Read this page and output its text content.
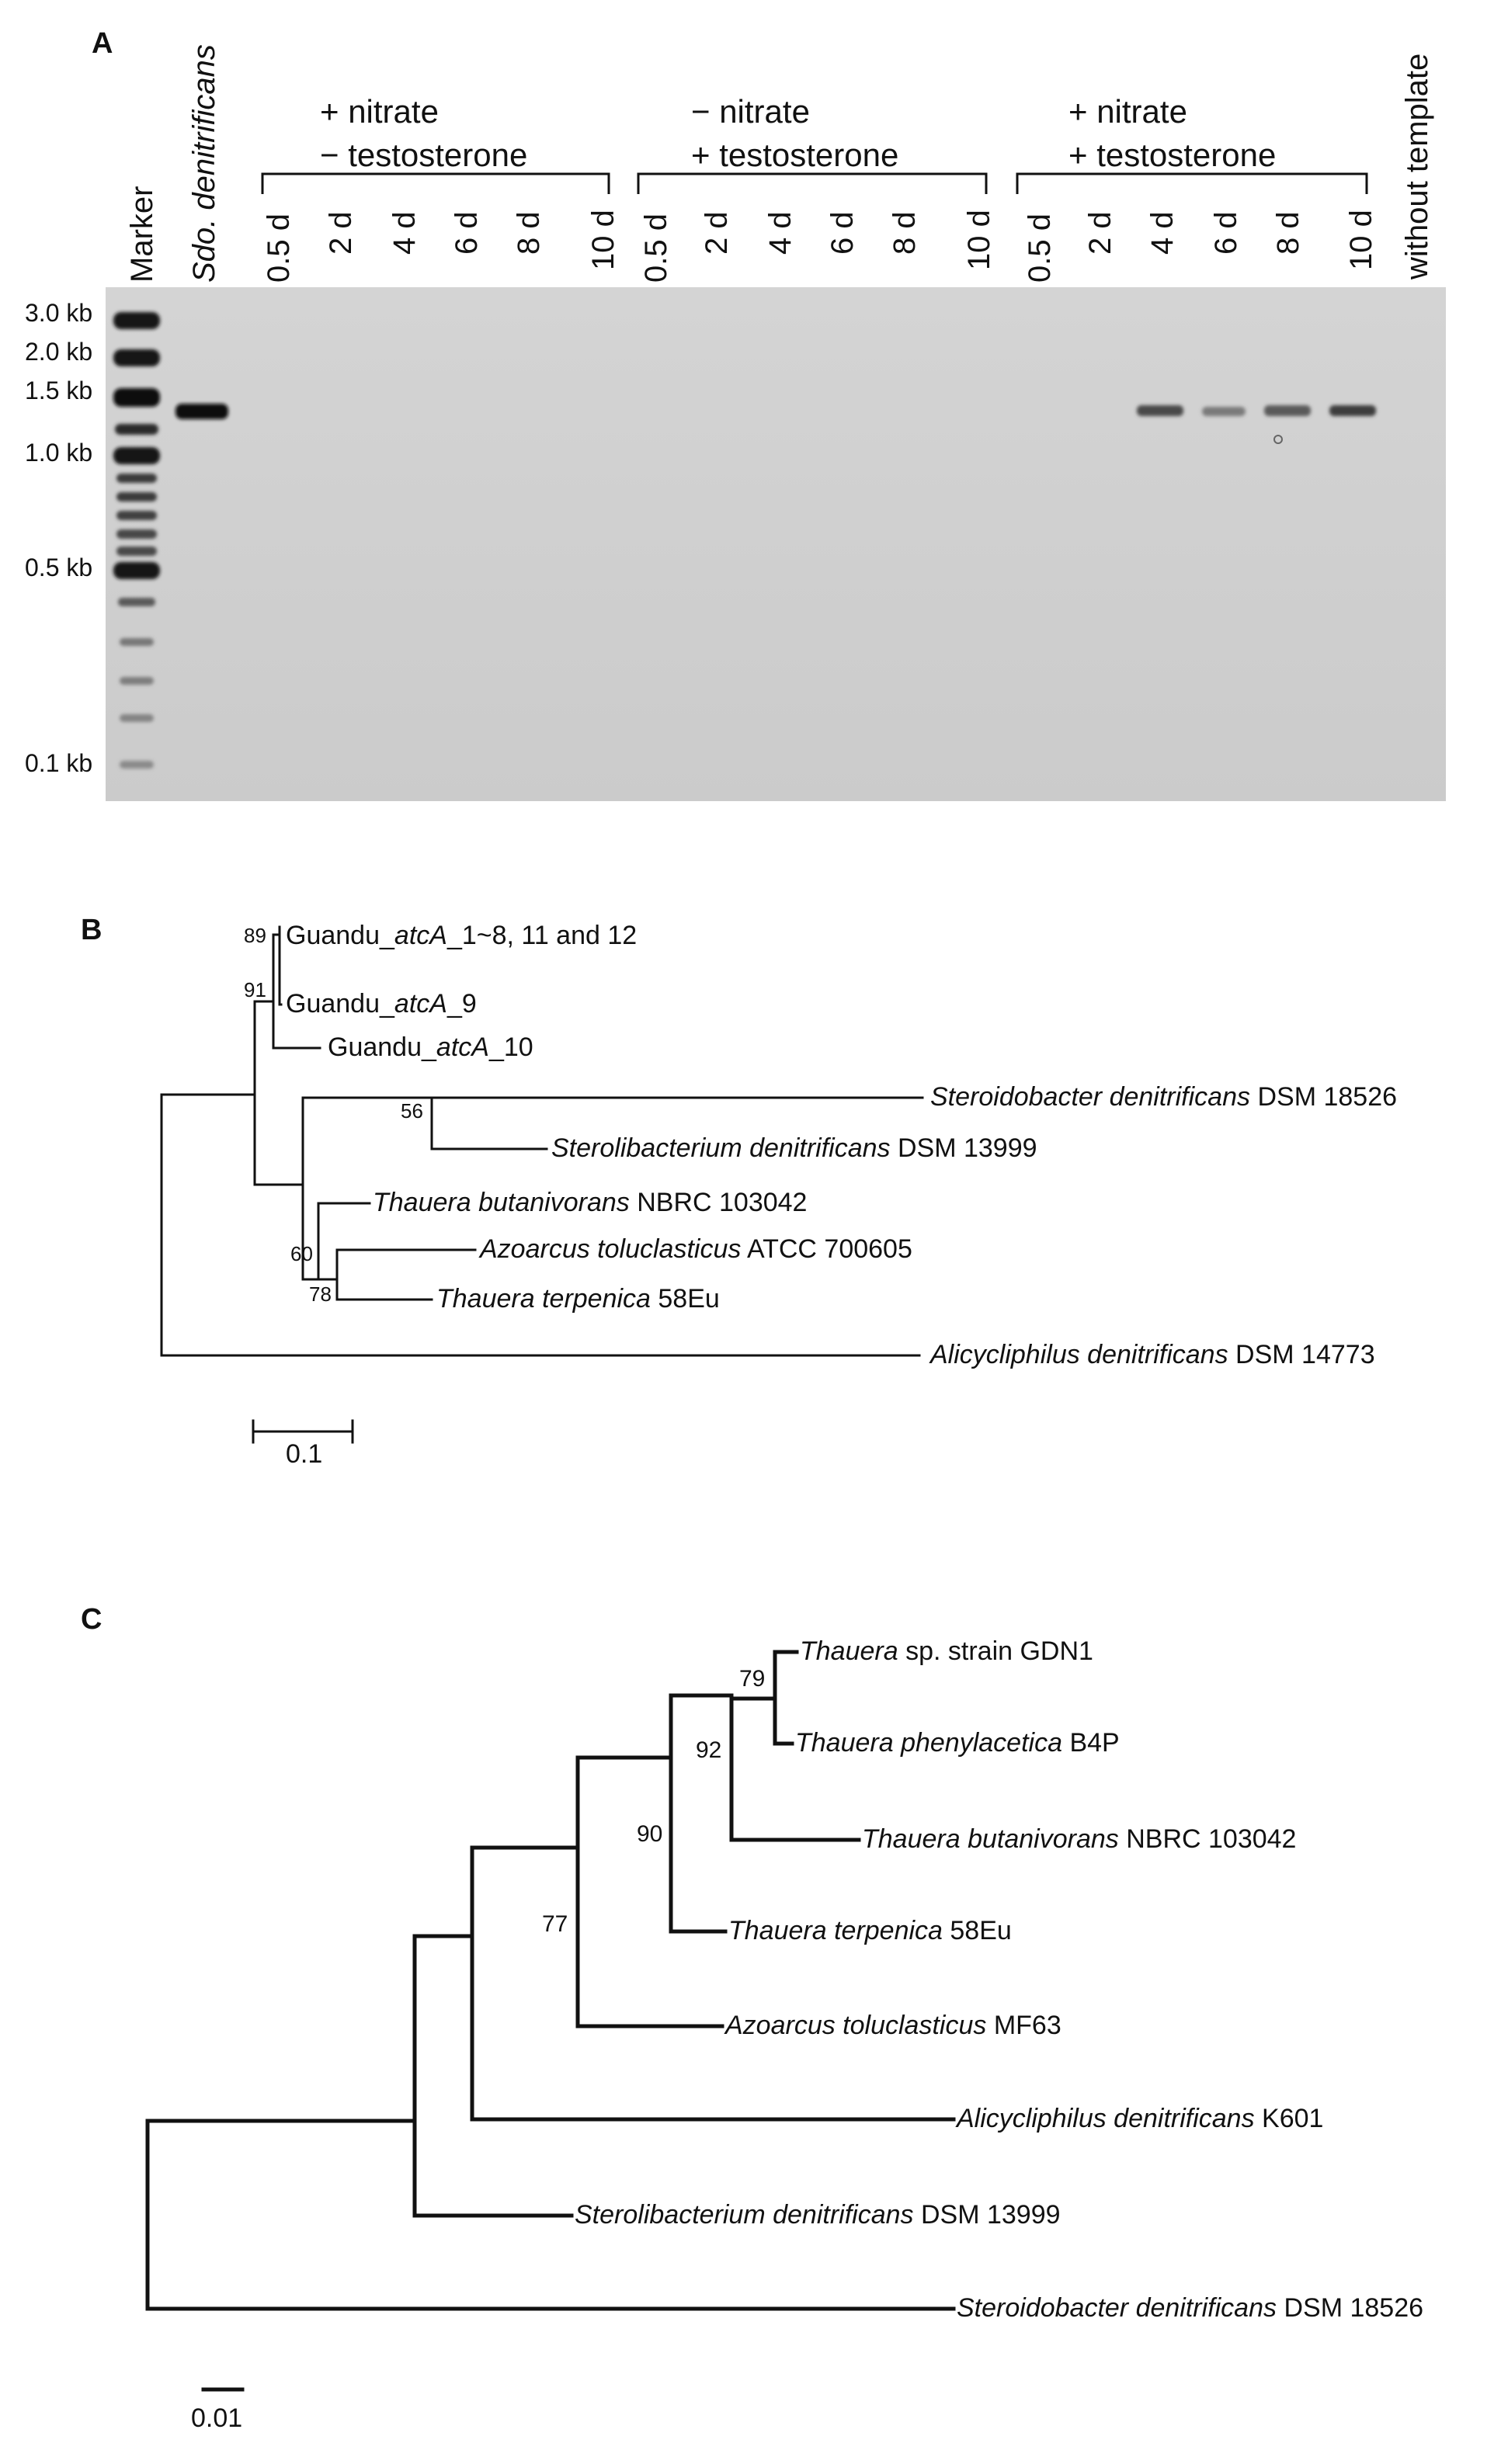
A
Marker Sdo. denitrificans 0.5 d 2 d 4 d 6 d 8 d 10 d 0.5 d 2 d 4 d 6 d 8 d 10 d 0.5 d 2 d 4 d 6 d 8 d 10 d without template
+ nitrate
− testosterone
− nitrate
+ testosterone
+ nitrate
+ testosterone
3.0 kb
2.0 kb
1.5 kb
1.0 kb
0.5 kb
0.1 kb
B	89
91
56
60
78
Guandu_atcA_1~8, 11 and 12
Guandu_atcA_9
Guandu_atcA_10
Steroidobacter denitrificans DSM 18526
Sterolibacterium denitrificans DSM 13999
Thauera butanivorans NBRC 103042
Azoarcus toluclasticus ATCC 700605
Thauera terpenica 58Eu
Alicycliphilus denitrificans DSM 14773
0.1
C
79
92
90
77
Thauera sp. strain GDN1
Thauera phenylacetica B4P
Thauera butanivorans NBRC 103042
Thauera terpenica 58Eu
Azoarcus toluclasticus MF63
Alicycliphilus denitrificans K601
Sterolibacterium denitrificans DSM 13999
Steroidobacter denitrificans DSM 18526
0.01
